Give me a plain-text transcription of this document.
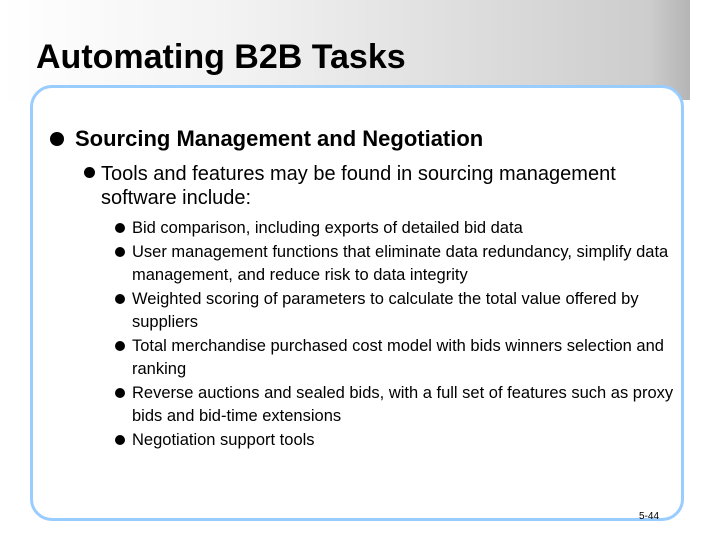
Automating B2B Tasks
Sourcing Management and Negotiation
Tools and features may be found in sourcing management software include:
Bid comparison, including exports of detailed bid data
User management functions that eliminate data redundancy, simplify data management, and reduce risk to data integrity
Weighted scoring of parameters to calculate the total value offered by suppliers
Total merchandise purchased cost model with bids winners selection and ranking
Reverse auctions and sealed bids, with a full set of features such as proxy bids and bid-time extensions
Negotiation support tools
5-44
